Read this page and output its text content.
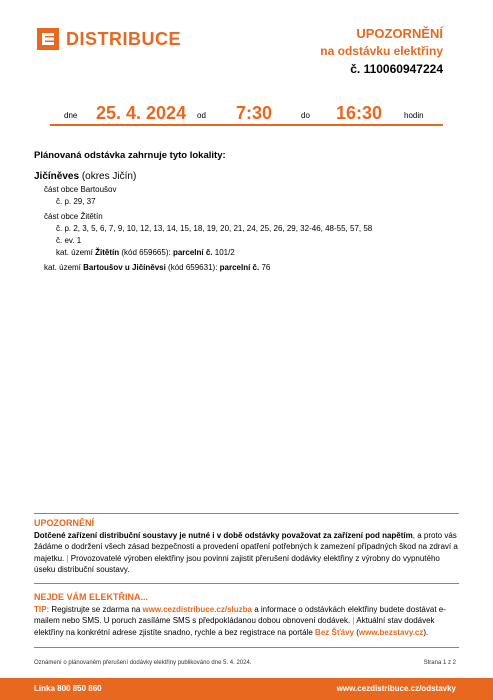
DISTRIBUCE	UPOZORNĚNÍ
na odstávku elektřiny
č. 110060947224
dne 25. 4. 2024 od 7:30	do 16:30	hodin
Plánovaná odstávka zahrnuje tyto lokality:
Jičíněves (okres Jičín)
část obce Bartoušov
č. p. 29, 37
část obce Žitětín
č. p. 2, 3, 5, 6, 7, 9, 10, 12, 13, 14, 15, 18, 19, 20, 21, 24, 25, 26, 29, 32-46, 48-55, 57, 58
č. ev. 1
kat. území Žitětín (kód 659665): parcelní č. 101/2
kat. území Bartoušov u Jičíněvsi (kód 659631): parcelní č. 76
UPOZORNĚNÍ
Dotčené zařízení distribuční soustavy je nutné i v době odstávky považovat za zařízení pod napětím, a proto vás žádáme o dodržení všech zásad bezpečnosti a provedení opatření potřebných k zamezení případných škod na zdraví a majetku. | Provozovatelé výroben elektřiny jsou povinni zajistit přerušení dodávky elektřiny z výrobny do vypnutého úseku distribuční soustavy.
NEJDE VÁM ELEKTŘINA...
TIP: Registrujte se zdarma na www.cezdistribuce.cz/sluzba a informace o odstávkách elektřiny budete dostávat e-mailem nebo SMS. U poruch zasíláme SMS s předpokládanou dobou obnovení dodávek. | Aktuální stav dodávek elektřiny na konkrétní adrese zjistíte snadno, rychle a bez registrace na portále Bez Šťávy (www.bezstavy.cz).
Oznámení o plánovaném přerušení dodávky elektřiny publikováno dne 5. 4. 2024.	Strana 1 z 2
Linka 800 850 860	www.cezdistribuce.cz/odstavky
